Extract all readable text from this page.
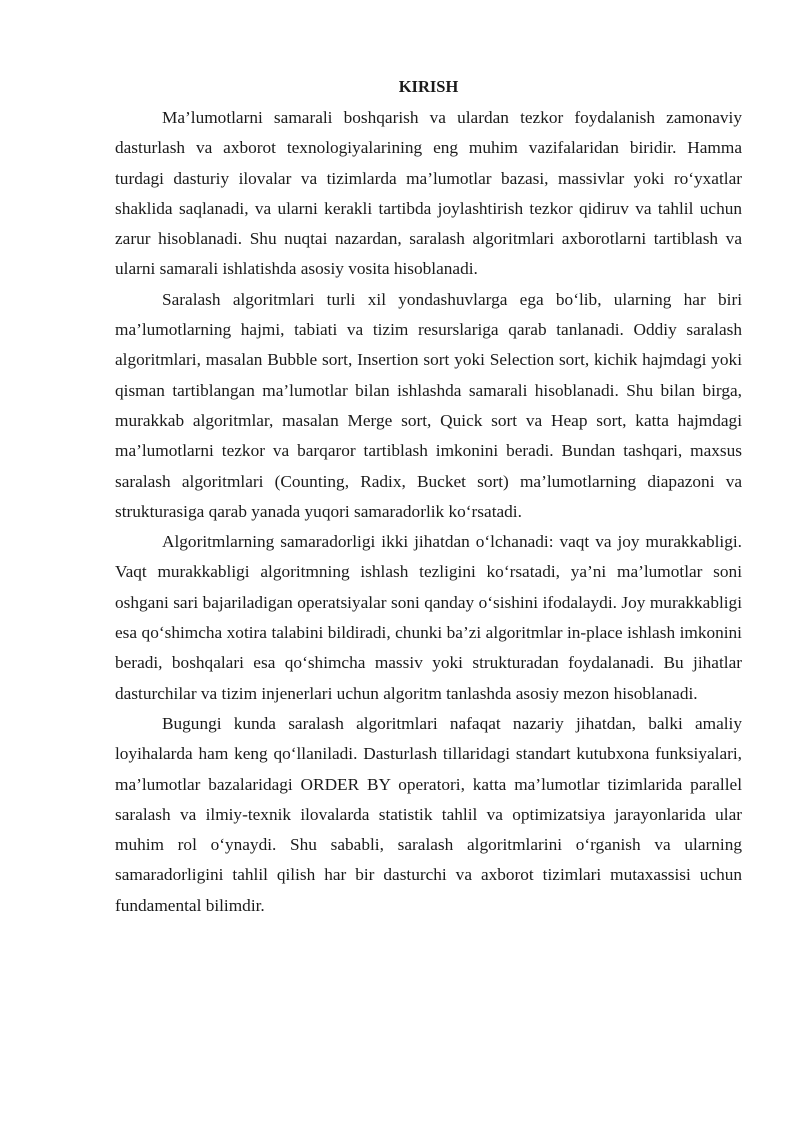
KIRISH

Ma’lumotlarni samarali boshqarish va ulardan tezkor foydalanish zamonaviy dasturlash va axborot texnologiyalarining eng muhim vazifalaridan biridir. Hamma turdagi dasturiy ilovalar va tizimlarda ma’lumotlar bazasi, massivlar yoki ro‘yxatlar shaklida saqlanadi, va ularni kerakli tartibda joylashtirish tezkor qidiruv va tahlil uchun zarur hisoblanadi. Shu nuqtai nazardan, saralash algoritmlari axborotlarni tartiblash va ularni samarali ishlatishda asosiy vosita hisoblanadi.

Saralash algoritmlari turli xil yondashuvlarga ega bo‘lib, ularning har biri ma’lumotlarning hajmi, tabiati va tizim resurslariga qarab tanlanadi. Oddiy saralash algoritmlari, masalan Bubble sort, Insertion sort yoki Selection sort, kichik hajmdagi yoki qisman tartiblangan ma’lumotlar bilan ishlashda samarali hisoblanadi. Shu bilan birga, murakkab algoritmlar, masalan Merge sort, Quick sort va Heap sort, katta hajmdagi ma’lumotlarni tezkor va barqaror tartiblash imkonini beradi. Bundan tashqari, maxsus saralash algoritmlari (Counting, Radix, Bucket sort) ma’lumotlarning diapazoni va strukturasiga qarab yanada yuqori samaradorlik ko‘rsatadi.

Algoritmlarning samaradorligi ikki jihatdan o‘lchanadi: vaqt va joy murakkabligi. Vaqt murakkabligi algoritmning ishlash tezligini ko‘rsatadi, ya’ni ma’lumotlar soni oshgani sari bajariladigan operatsiyalar soni qanday o‘sishini ifodalaydi. Joy murakkabligi esa qo‘shimcha xotira talabini bildiradi, chunki ba’zi algoritmlar in-place ishlash imkonini beradi, boshqalari esa qo‘shimcha massiv yoki strukturadan foydalanadi. Bu jihatlar dasturchilar va tizim injenerlari uchun algoritm tanlashda asosiy mezon hisoblanadi.

Bugungi kunda saralash algoritmlari nafaqat nazariy jihatdan, balki amaliy loyihalarda ham keng qo‘llaniladi. Dasturlash tillaridagi standart kutubxona funksiyalari, ma’lumotlar bazalaridagi ORDER BY operatori, katta ma’lumotlar tizimlarida parallel saralash va ilmiy-texnik ilovalarda statistik tahlil va optimizatsiya jarayonlarida ular muhim rol o‘ynaydi. Shu sababli, saralash algoritmlarini o‘rganish va ularning samaradorligini tahlil qilish har bir dasturchi va axborot tizimlari mutaxassisi uchun fundamental bilimdir.
